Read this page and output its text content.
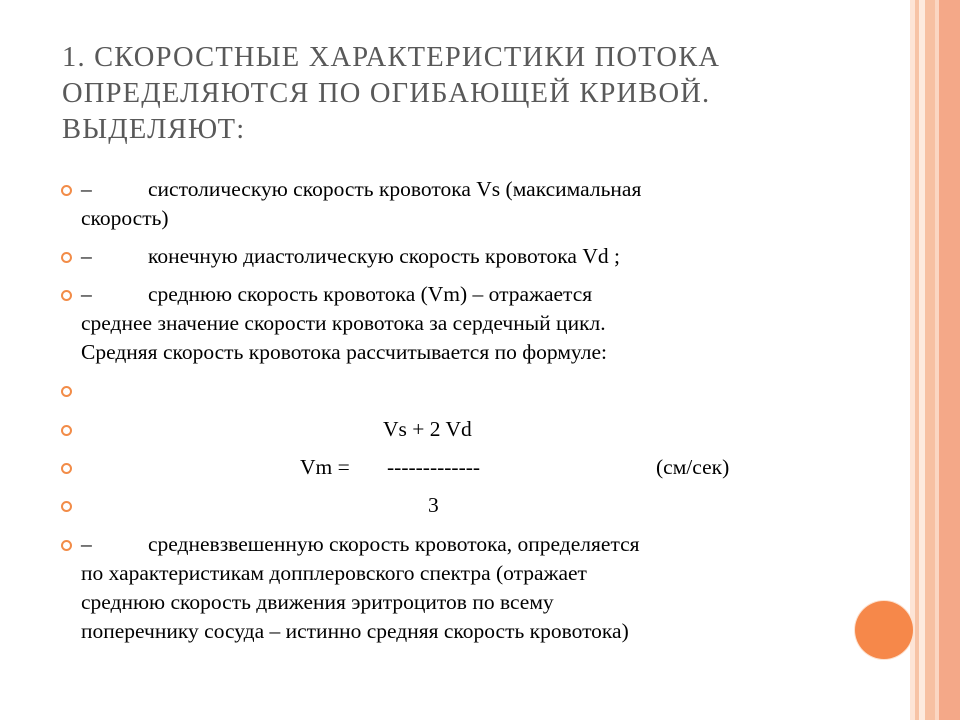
1. СКОРОСТНЫЕ ХАРАКТЕРИСТИКИ ПОТОКА
ОПРЕДЕЛЯЮТСЯ ПО ОГИБАЮЩЕЙ КРИВОЙ.
ВЫДЕЛЯЮТ:
–	систолическую скорость кровотока Vs (максимальная
скорость)
–	конечную диастолическую скорость кровотока Vd ;
–	среднюю скорость кровотока (Vm) – отражается
среднее значение скорости кровотока за сердечный цикл.
Средняя скорость кровотока рассчитывается по формуле:
Vs + 2 Vd
Vm = -------------	(см/сек)
3
–	средневзвешенную скорость кровотока, определяется
по характеристикам допплеровского спектра (отражает
среднюю скорость движения эритроцитов по всему
поперечнику сосуда – истинно средняя скорость кровотока)
